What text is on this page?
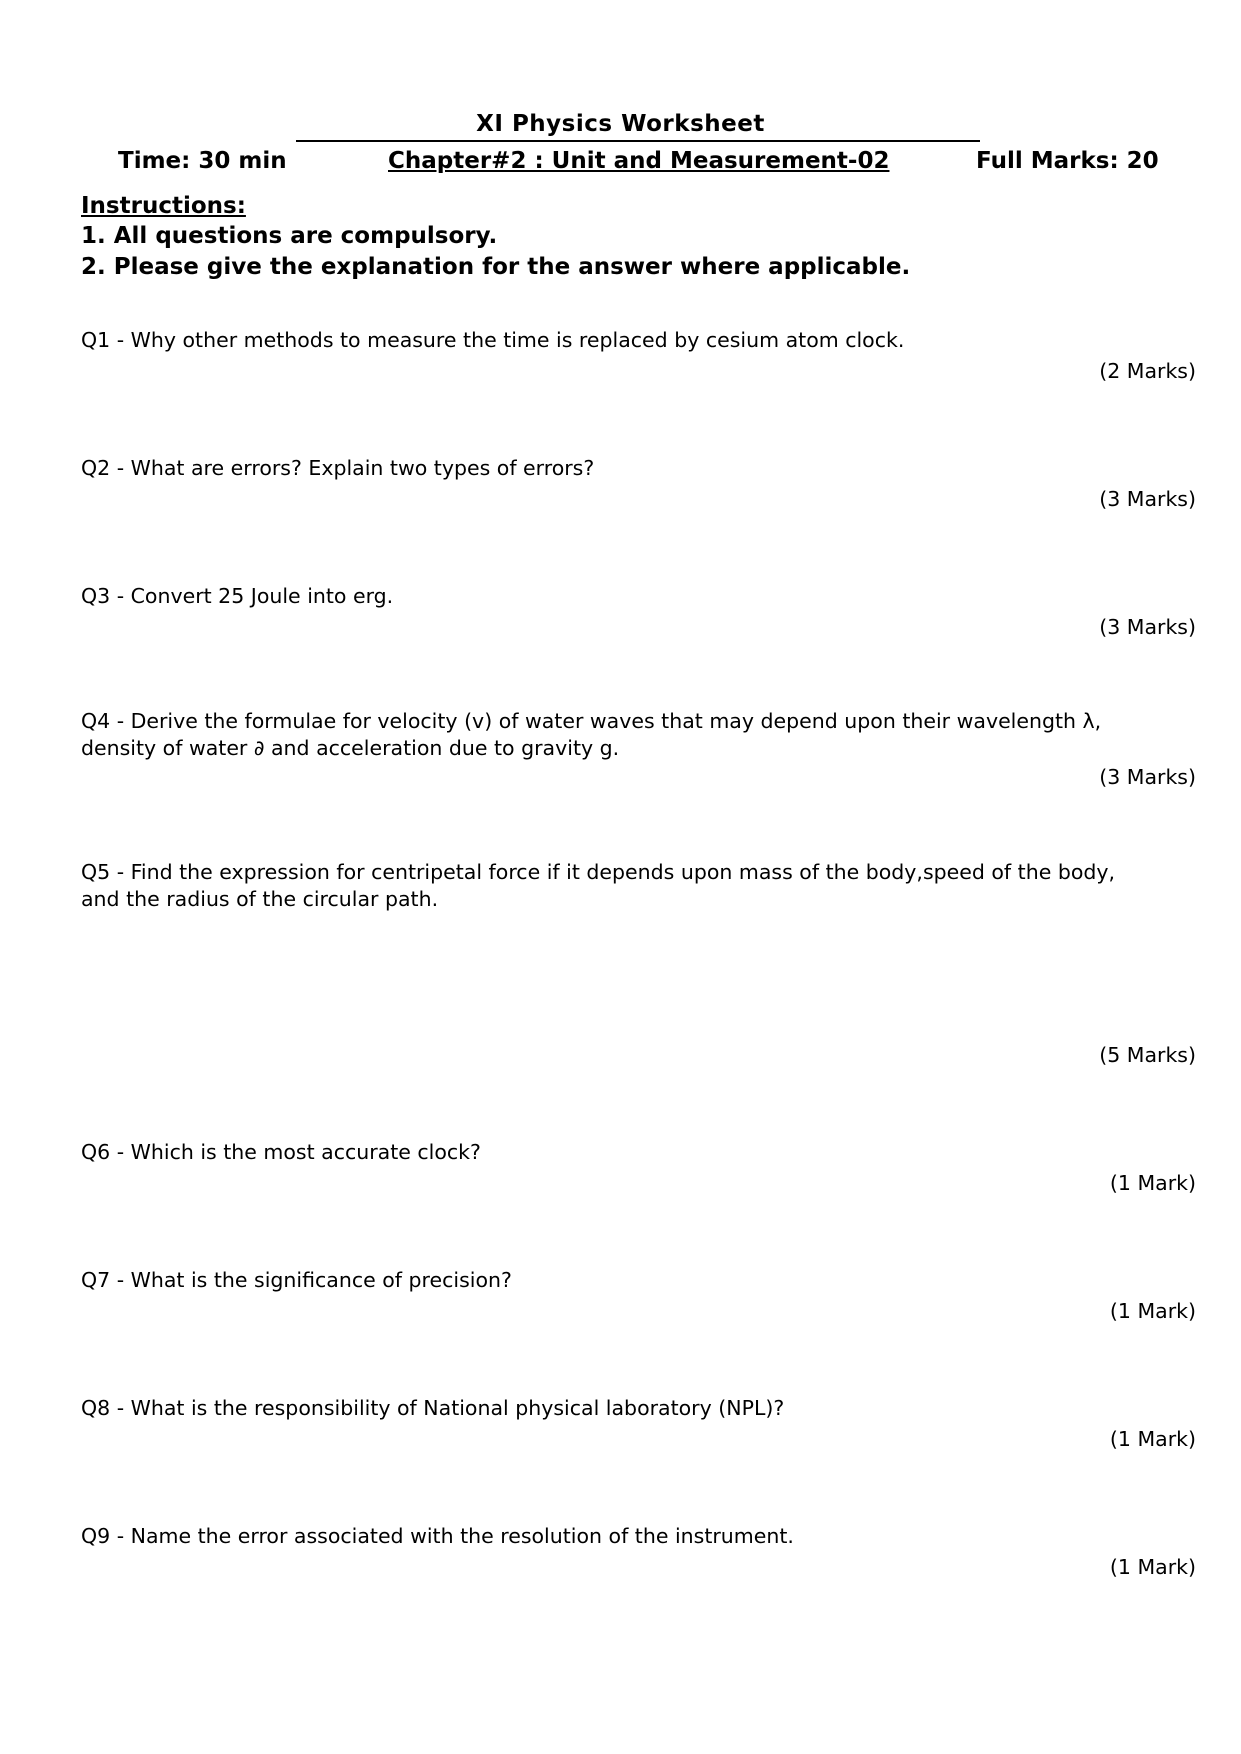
XI Physics Worksheet
Time: 30 min	Chapter#2 : Unit and Measurement-02	Full Marks: 20
Instructions:
1. All questions are compulsory.
2. Please give the explanation for the answer where applicable.
Q1 - Why other methods to measure the time is replaced by cesium atom clock.
(2 Marks)
Q2 - What are errors? Explain two types of errors?
(3 Marks)
Q3 - Convert 25 Joule into erg.
(3 Marks)
Q4 - Derive the formulae for velocity (v) of water waves that may depend upon their wavelength λ,
density of water ∂ and acceleration due to gravity g.
(3 Marks)
Q5 - Find the expression for centripetal force if it depends upon mass of the body,speed of the body,
and the radius of the circular path.
(5 Marks)
Q6 - Which is the most accurate clock?
(1 Mark)
Q7 - What is the significance of precision?
(1 Mark)
Q8 - What is the responsibility of National physical laboratory (NPL)?
(1 Mark)
Q9 - Name the error associated with the resolution of the instrument.
(1 Mark)
